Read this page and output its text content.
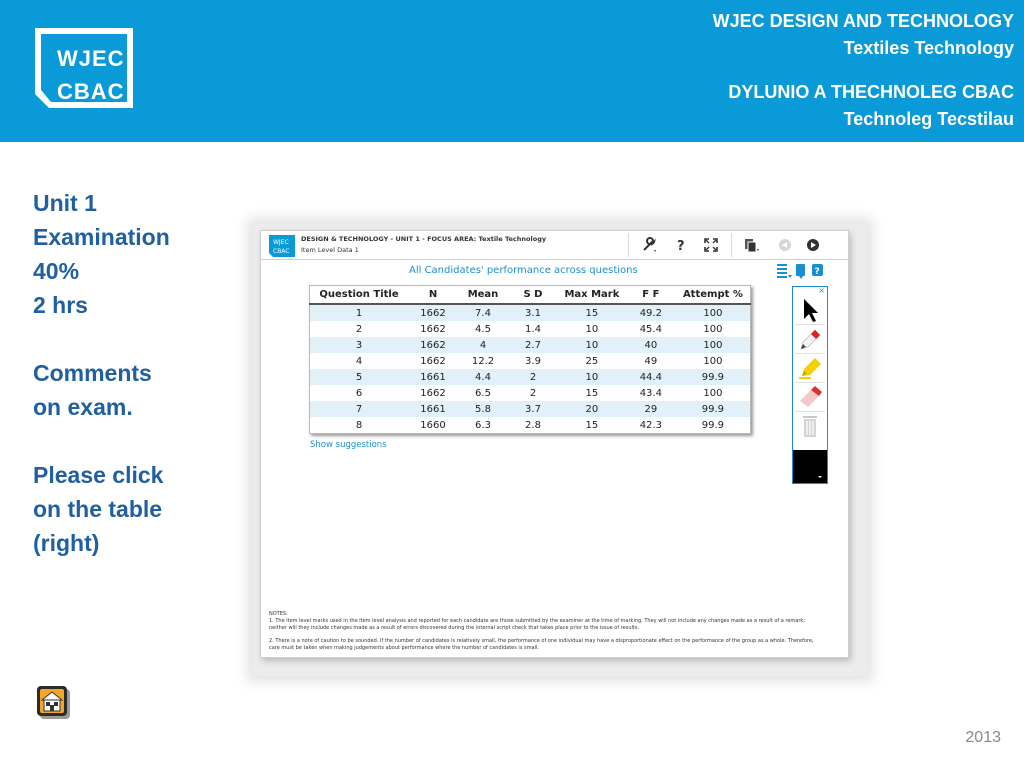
WJEC
CBAC
WJEC DESIGN AND TECHNOLOGY
Textiles Technology
DYLUNIO A THECHNOLEG CBAC
Technoleg Tecstilau
Unit 1
Examination
40%
2 hrs
Comments
on exam.
Please click
on the table
(right)
2013
WJEC
CBAC
DESIGN & TECHNOLOGY - UNIT 1 - FOCUS AREA: Textile Technology
Item Level Data 1	?
All Candidates' performance across questions	?
Question Title	N	Mean	S D	Max Mark	F F	Attempt %
1	1662	7.4	3.1	15	49.2	100
2	1662	4.5	1.4	10	45.4	100
3	1662	4	2.7	10	40	100
4	1662	12.2	3.9	25	49	100
5	1661	4.4	2	10	44.4	99.9
6	1662	6.5	2	15	43.4	100
7	1661	5.8	3.7	20	29	99.9
8	1660	6.3	2.8	15	42.3	99.9
Show suggestions
×

NOTES:

1. The item level marks used in the item level analysis and reported for each candidate are those submitted by the examiner at the time of marking. They will not include any changes made as a result of a remark;

neither will they include changes made as a result of errors discovered during the internal script check that takes place prior to the issue of results.

2. There is a note of caution to be sounded. If the number of candidates is relatively small, the performance of one individual may have a disproportionate effect on the performance of the group as a whole. Therefore,

care must be taken when making judgements about performance where the number of candidates is small.
